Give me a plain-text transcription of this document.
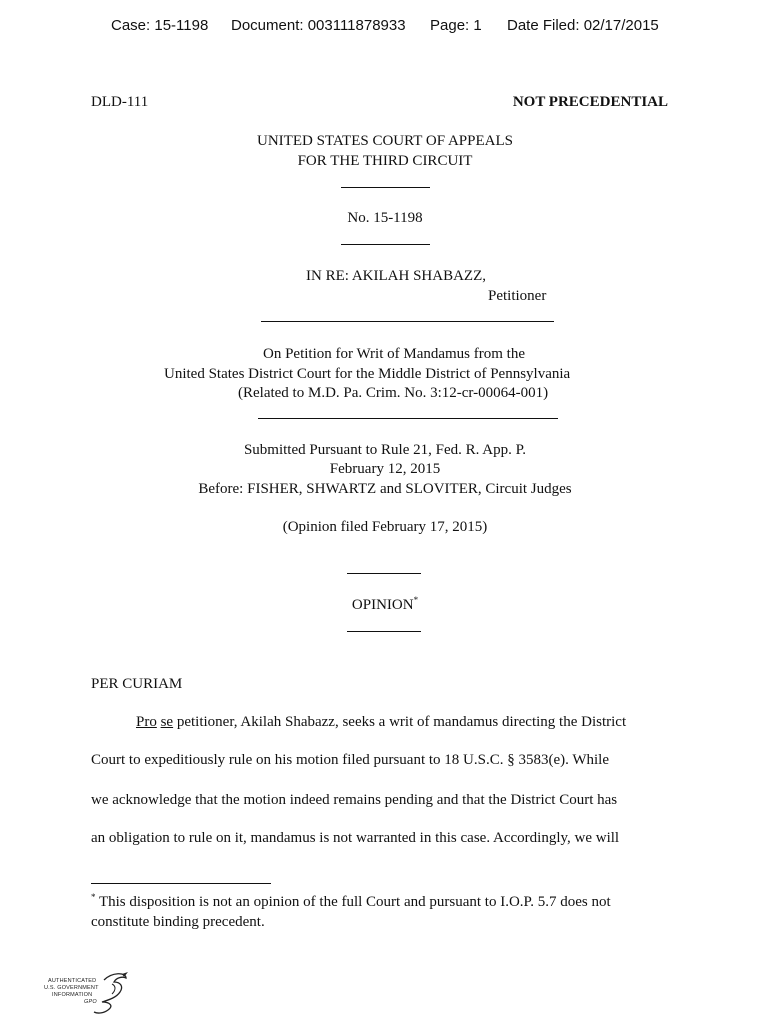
Case: 15-1198 Document: 003111878933 Page: 1 Date Filed: 02/17/2015
DLD-111	NOT PRECEDENTIAL
UNITED STATES COURT OF APPEALS
FOR THE THIRD CIRCUIT
No. 15-1198
IN RE: AKILAH SHABAZZ,
Petitioner
On Petition for Writ of Mandamus from the
United States District Court for the Middle District of Pennsylvania
(Related to M.D. Pa. Crim. No. 3:12-cr-00064-001)
Submitted Pursuant to Rule 21, Fed. R. App. P.
February 12, 2015
Before: FISHER, SHWARTZ and SLOVITER, Circuit Judges
(Opinion filed February 17, 2015)
OPINION*
PER CURIAM
Pro se petitioner, Akilah Shabazz, seeks a writ of mandamus directing the District
Court to expeditiously rule on his motion filed pursuant to 18 U.S.C. § 3583(e). While
we acknowledge that the motion indeed remains pending and that the District Court has
an obligation to rule on it, mandamus is not warranted in this case. Accordingly, we will
* This disposition is not an opinion of the full Court and pursuant to I.O.P. 5.7 does not
constitute binding precedent.
AUTHENTICATED
U.S. GOVERNMENT
INFORMATION
GPO
